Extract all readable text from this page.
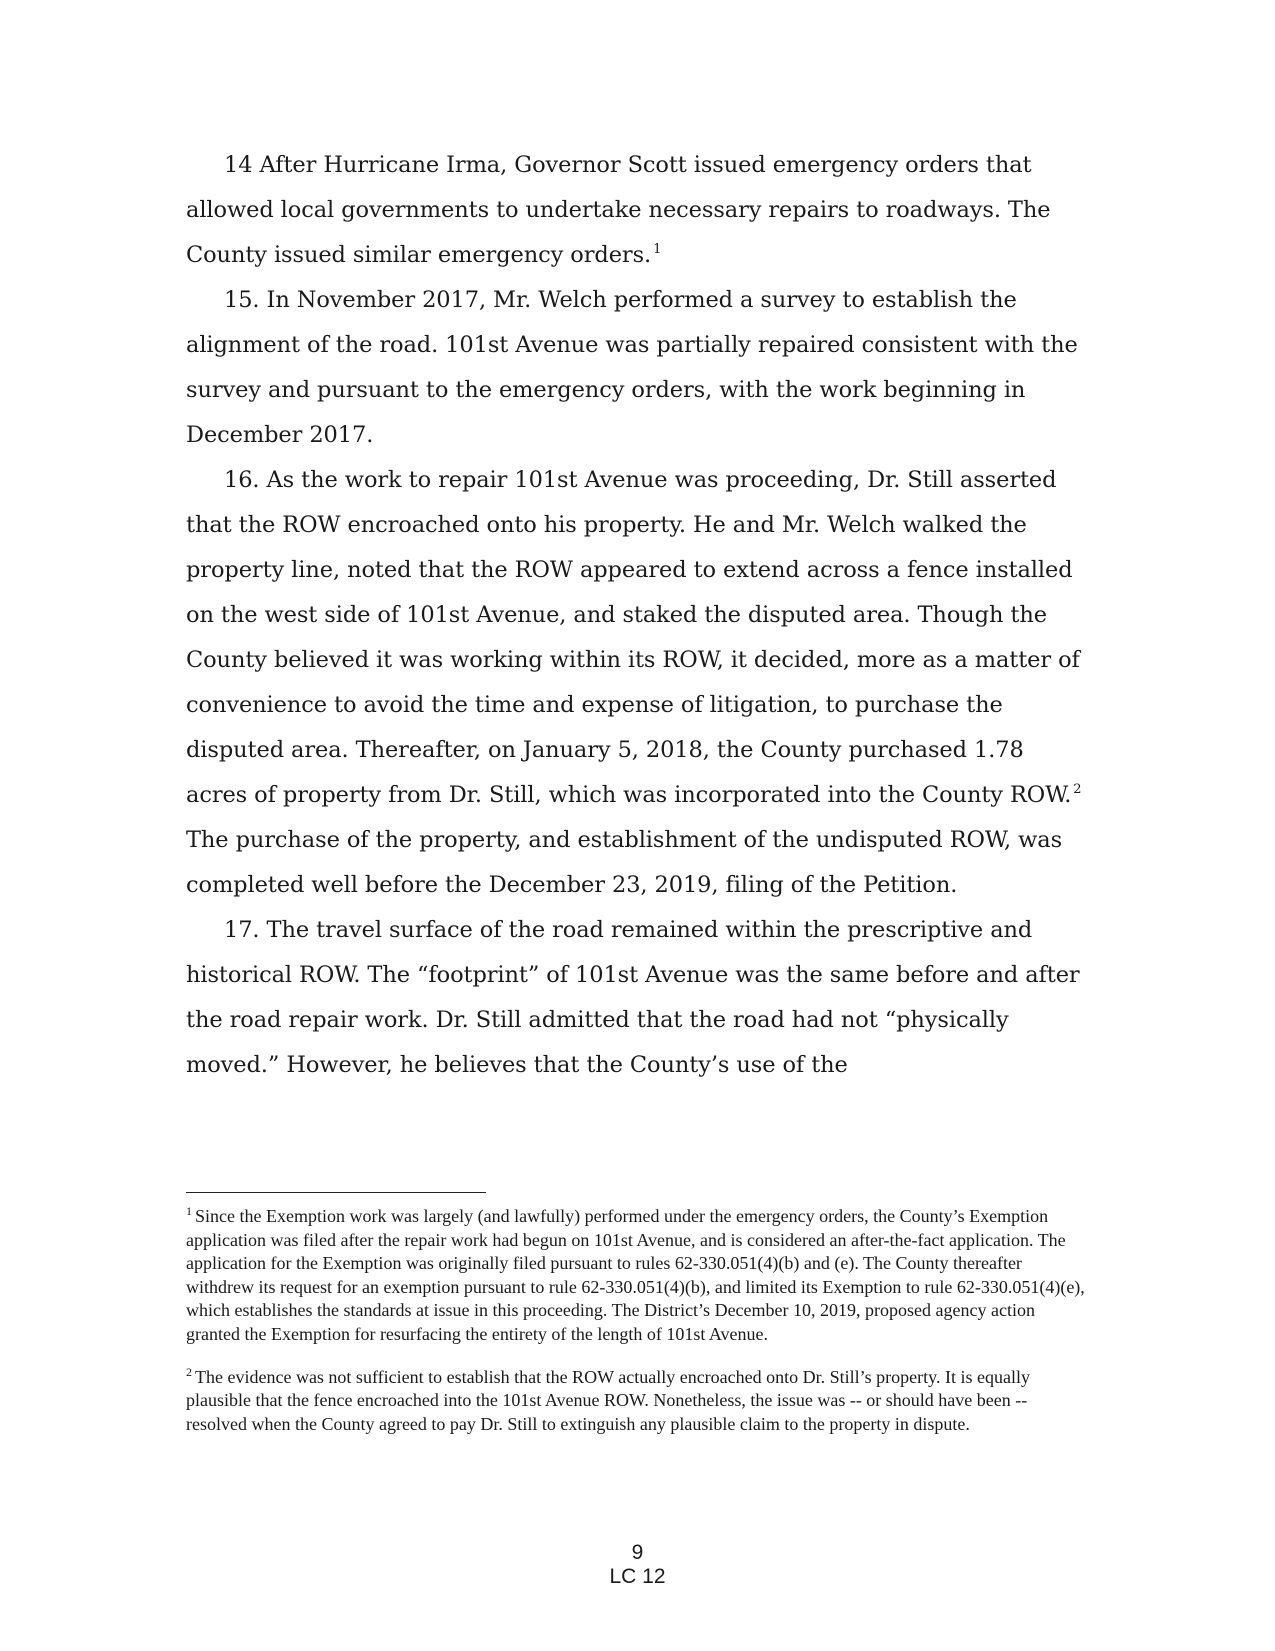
14 After Hurricane Irma, Governor Scott issued emergency orders that allowed local governments to undertake necessary repairs to roadways. The County issued similar emergency orders. $^1$

15. In November 2017, Mr. Welch performed a survey to establish the alignment of the road. 101st Avenue was partially repaired consistent with the survey and pursuant to the emergency orders, with the work beginning in December 2017.

16. As the work to repair 101st Avenue was proceeding, Dr. Still asserted that the ROW encroached onto his property. He and Mr. Welch walked the property line, noted that the ROW appeared to extend across a fence installed on the west side of 101st Avenue, and staked the disputed area. Though the County believed it was working within its ROW, it decided, more as a matter of convenience to avoid the time and expense of litigation, to purchase the disputed area. Thereafter, on January 5, 2018, the County purchased 1.78 acres of property from Dr. Still, which was incorporated into the County ROW. $^2$ The purchase of the property, and establishment of the undisputed ROW, was completed well before the December 23, 2019, filing of the Petition.

17. The travel surface of the road remained within the prescriptive and historical ROW. The “footprint” of 101st Avenue was the same before and after the road repair work. Dr. Still admitted that the road had not “physically moved.” However, he believes that the County’s use of the

$^1$ Since the Exemption work was largely (and lawfully) performed under the emergency orders, the County’s Exemption application was filed after the repair work had begun on 101st Avenue, and is considered an after-the-fact application. The application for the Exemption was originally filed pursuant to rules 62-330.051(4)(b) and (e). The County thereafter withdrew its request for an exemption pursuant to rule 62-330.051(4)(b), and limited its Exemption to rule 62-330.051(4)(e), which establishes the standards at issue in this proceeding. The District’s December 10, 2019, proposed agency action granted the Exemption for resurfacing the entirety of the length of 101st Avenue.

$^2$ The evidence was not sufficient to establish that the ROW actually encroached onto Dr. Still’s property. It is equally plausible that the fence encroached into the 101st Avenue ROW. Nonetheless, the issue was -- or should have been -- resolved when the County agreed to pay Dr. Still to extinguish any plausible claim to the property in dispute.

9
LC 12
